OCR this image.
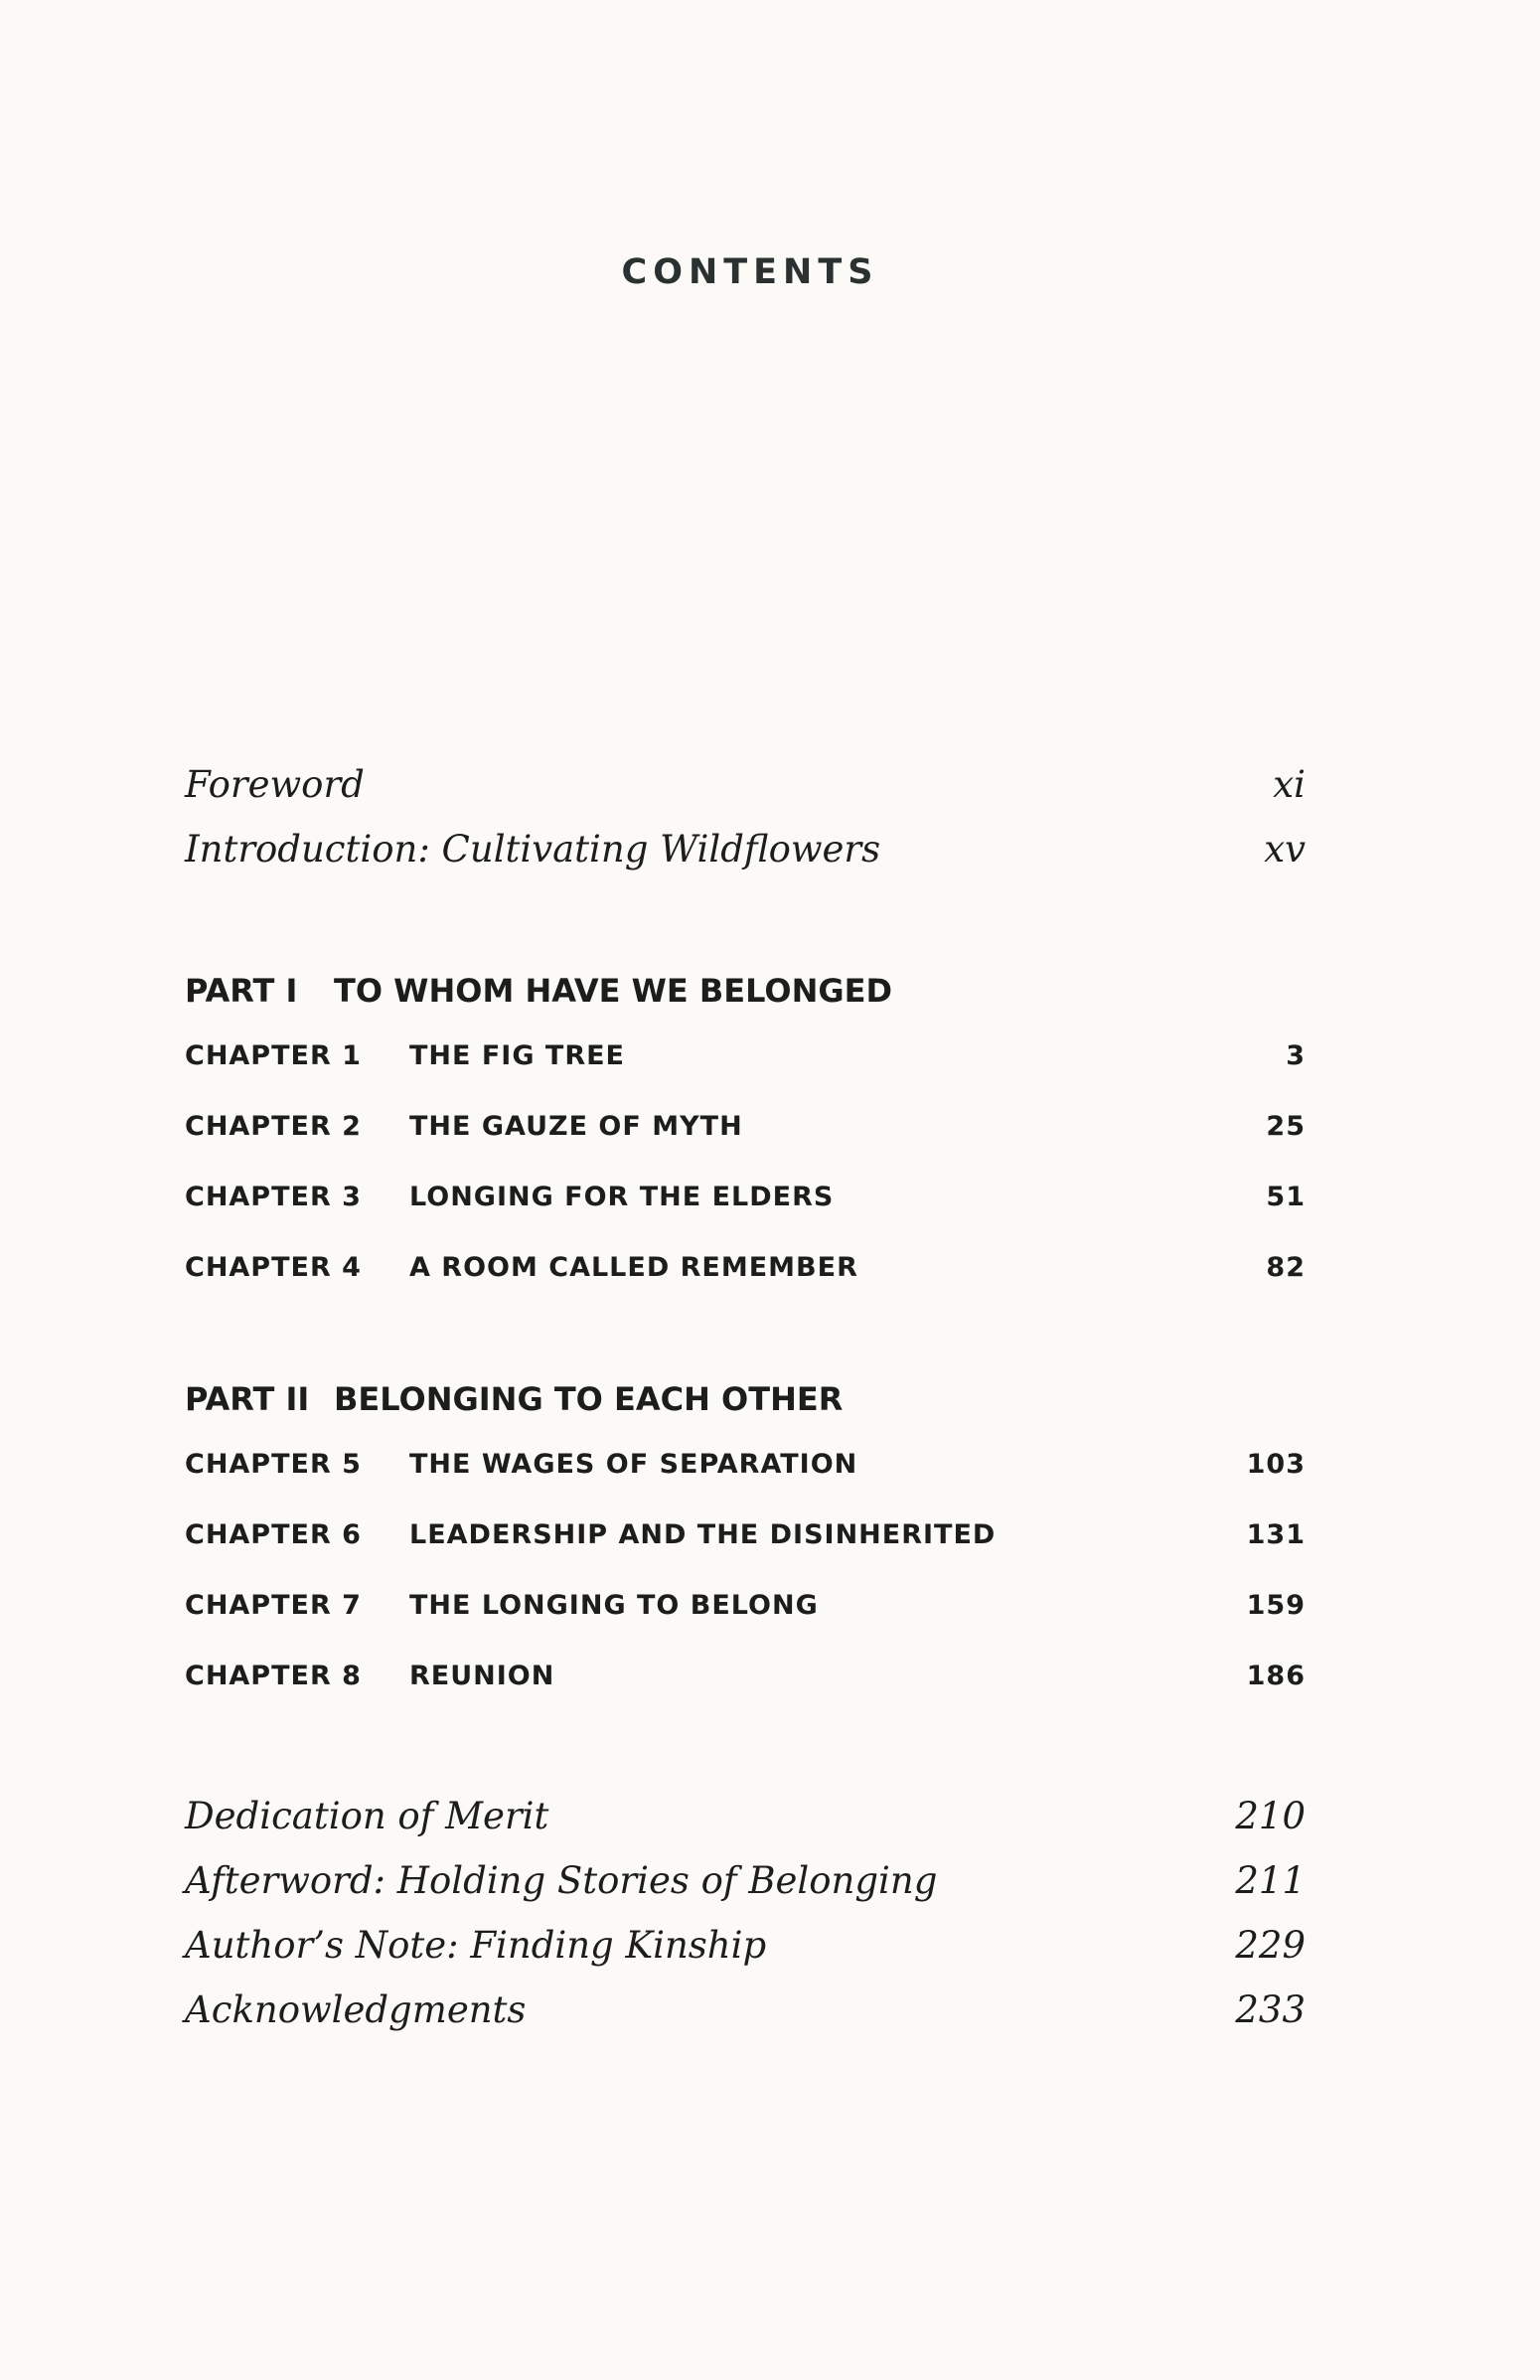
CONTENTS
Foreword	xi
Introduction: Cultivating Wildflowers	xv
PART I TO WHOM HAVE WE BELONGED
CHAPTER 1 THE FIG TREE	3
CHAPTER 2 THE GAUZE OF MYTH	25
CHAPTER 3 LONGING FOR THE ELDERS	51
CHAPTER 4 A ROOM CALLED REMEMBER	82
PART II BELONGING TO EACH OTHER
CHAPTER 5 THE WAGES OF SEPARATION	103
CHAPTER 6 LEADERSHIP AND THE DISINHERITED	131
CHAPTER 7 THE LONGING TO BELONG	159
CHAPTER 8 REUNION	186
Dedication of Merit	210
Afterword: Holding Stories of Belonging	211
Author’s Note: Finding Kinship	229
Acknowledgments	233
